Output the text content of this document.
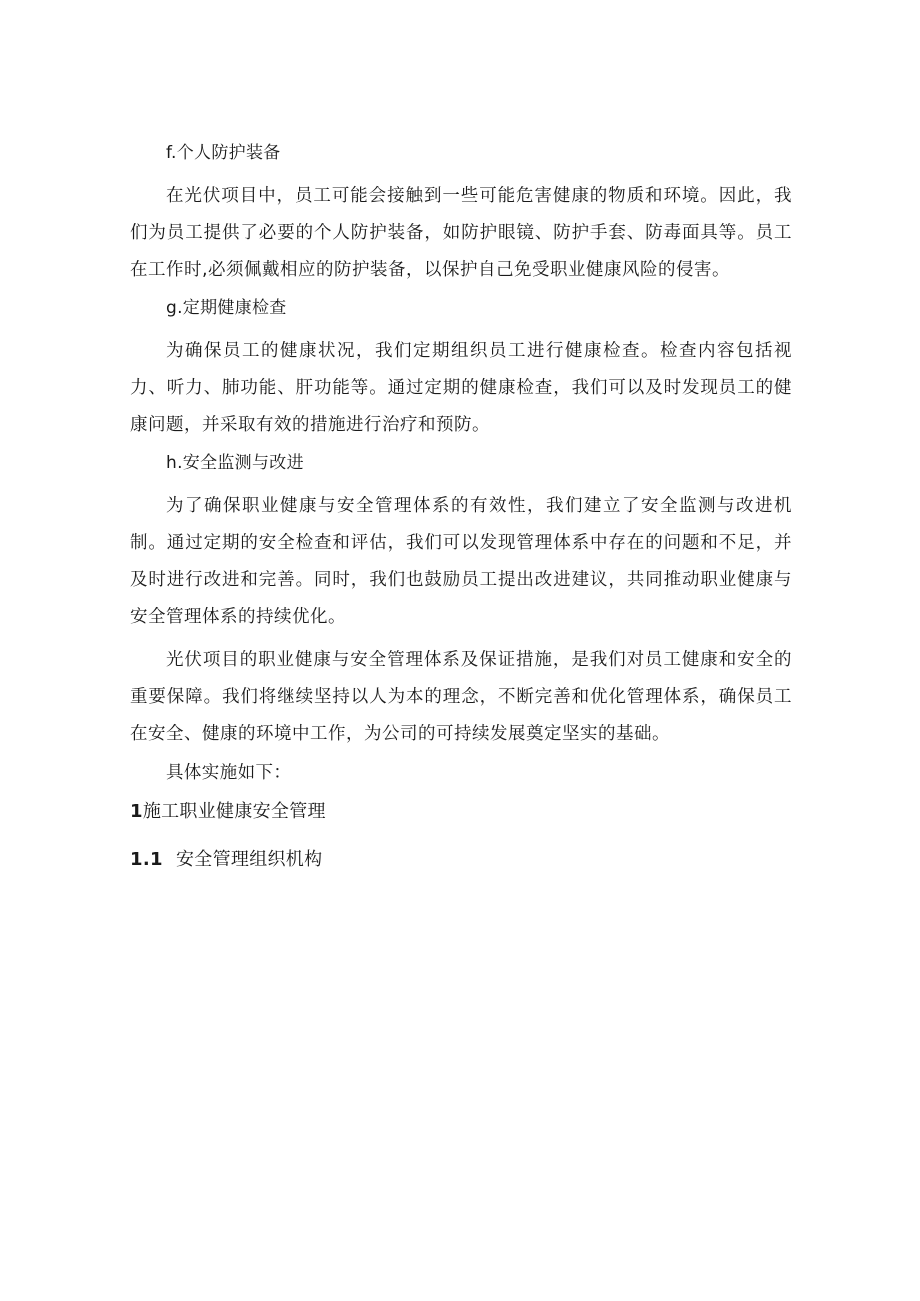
f.个人防护装备

在光伏项目中，员工可能会接触到一些可能危害健康的物质和环境。因此，我们为员工提供了必要的个人防护装备，如防护眼镜、防护手套、防毒面具等。员工在工作时,必须佩戴相应的防护装备，以保护自己免受职业健康风险的侵害。

g.定期健康检查

为确保员工的健康状况，我们定期组织员工进行健康检查。检查内容包括视力、听力、肺功能、肝功能等。通过定期的健康检查，我们可以及时发现员工的健康问题，并采取有效的措施进行治疗和预防。

h.安全监测与改进

为了确保职业健康与安全管理体系的有效性，我们建立了安全监测与改进机制。通过定期的安全检查和评估，我们可以发现管理体系中存在的问题和不足，并及时进行改进和完善。同时，我们也鼓励员工提出改进建议，共同推动职业健康与安全管理体系的持续优化。

光伏项目的职业健康与安全管理体系及保证措施，是我们对员工健康和安全的重要保障。我们将继续坚持以人为本的理念，不断完善和优化管理体系，确保员工在安全、健康的环境中工作，为公司的可持续发展奠定坚实的基础。

具体实施如下：
1施工职业健康安全管理
1.1 安全管理组织机构
